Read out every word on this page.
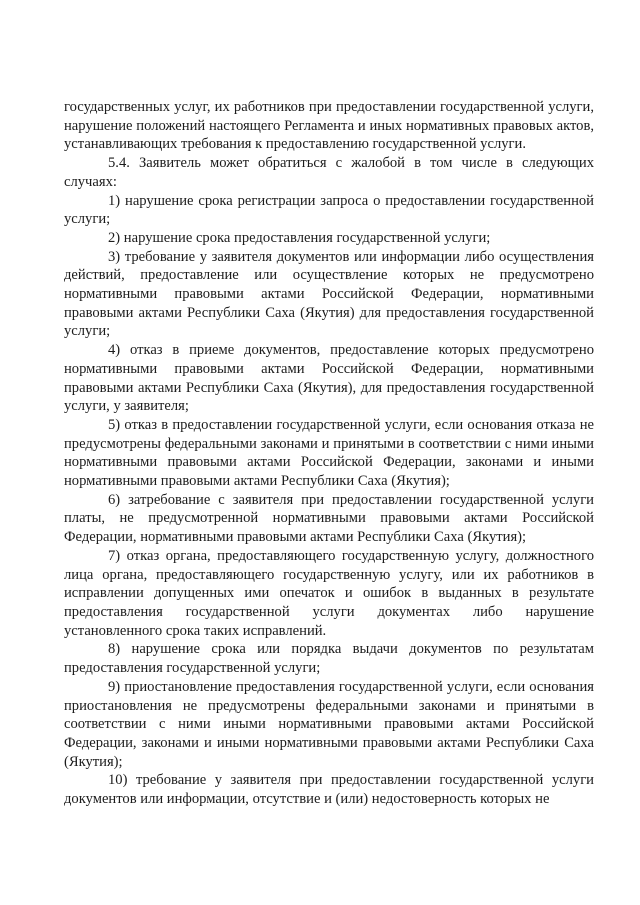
государственных услуг, их работников при предоставлении государственной услуги, нарушение положений настоящего Регламента и иных нормативных правовых актов, устанавливающих требования к предоставлению государственной услуги.

5.4. Заявитель может обратиться с жалобой в том числе в следующих случаях:

1) нарушение срока регистрации запроса о предоставлении государственной услуги;

2) нарушение срока предоставления государственной услуги;

3) требование у заявителя документов или информации либо осуществления действий, предоставление или осуществление которых не предусмотрено нормативными правовыми актами Российской Федерации, нормативными правовыми актами Республики Саха (Якутия) для предоставления государственной услуги;

4) отказ в приеме документов, предоставление которых предусмотрено нормативными правовыми актами Российской Федерации, нормативными правовыми актами Республики Саха (Якутия), для предоставления государственной услуги, у заявителя;

5) отказ в предоставлении государственной услуги, если основания отказа не предусмотрены федеральными законами и принятыми в соответствии с ними иными нормативными правовыми актами Российской Федерации, законами и иными нормативными правовыми актами Республики Саха (Якутия);

6) затребование с заявителя при предоставлении государственной услуги платы, не предусмотренной нормативными правовыми актами Российской Федерации, нормативными правовыми актами Республики Саха (Якутия);

7) отказ органа, предоставляющего государственную услугу, должностного лица органа, предоставляющего государственную услугу, или их работников в исправлении допущенных ими опечаток и ошибок в выданных в результате предоставления государственной услуги документах либо нарушение установленного срока таких исправлений.

8) нарушение срока или порядка выдачи документов по результатам предоставления государственной услуги;

9) приостановление предоставления государственной услуги, если основания приостановления не предусмотрены федеральными законами и принятыми в соответствии с ними иными нормативными правовыми актами Российской Федерации, законами и иными нормативными правовыми актами Республики Саха (Якутия);

10) требование у заявителя при предоставлении государственной услуги документов или информации, отсутствие и (или) недостоверность которых не
